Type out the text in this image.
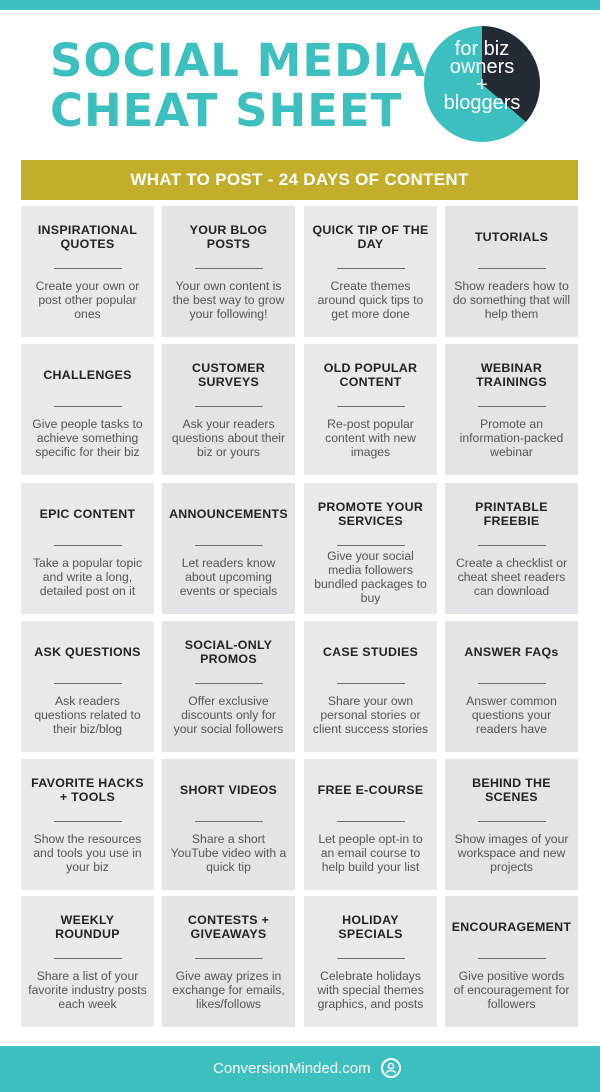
SOCIAL MEDIA
CHEAT SHEET
for biz
owners
+
bloggers
WHAT TO POST - 24 DAYS OF CONTENT
INSPIRATIONAL QUOTES
Create your own or post other popular ones
YOUR BLOG POSTS
Your own content is the best way to grow your following!
QUICK TIP OF THE DAY
Create themes around quick tips to get more done
TUTORIALS
Show readers how to do something that will help them
CHALLENGES
Give people tasks to achieve something specific for their biz
CUSTOMER SURVEYS
Ask your readers questions about their biz or yours
OLD POPULAR CONTENT
Re-post popular content with new images
WEBINAR TRAININGS
Promote an information-packed webinar
EPIC CONTENT
Take a popular topic and write a long, detailed post on it
ANNOUNCEMENTS
Let readers know about upcoming events or specials
PROMOTE YOUR SERVICES
Give your social media followers bundled packages to buy
PRINTABLE FREEBIE
Create a checklist or cheat sheet readers can download
ASK QUESTIONS
Ask readers questions related to their biz/blog
SOCIAL-ONLY PROMOS
Offer exclusive discounts only for your social followers
CASE STUDIES
Share your own personal stories or client success stories
ANSWER FAQs
Answer common questions your readers have
FAVORITE HACKS + TOOLS
Show the resources and tools you use in your biz
SHORT VIDEOS
Share a short YouTube video with a quick tip
FREE E-COURSE
Let people opt-in to an email course to help build your list
BEHIND THE SCENES
Show images of your workspace and new projects
WEEKLY ROUNDUP
Share a list of your favorite industry posts each week
CONTESTS + GIVEAWAYS
Give away prizes in exchange for emails, likes/follows
HOLIDAY SPECIALS
Celebrate holidays with special themes graphics, and posts
ENCOURAGEMENT
Give positive words of encouragement for followers
ConversionMinded.com
